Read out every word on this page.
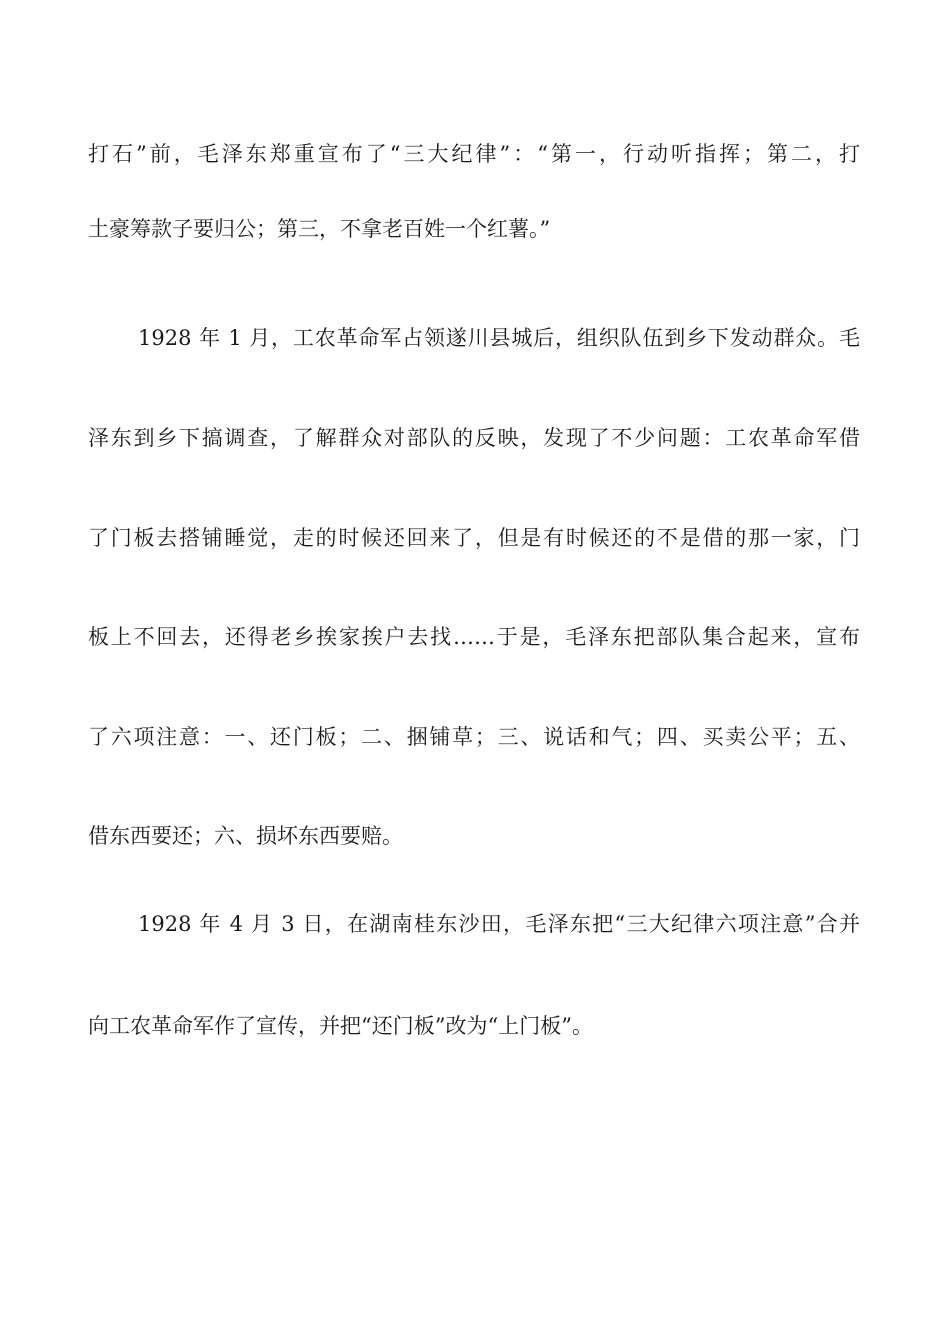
打石”前，毛泽东郑重宣布了“三大纪律”：“第一，行动听指挥；第二，打
土豪筹款子要归公；第三，不拿老百姓一个红薯。”
1928 年 1 月，工农革命军占领遂川县城后，组织队伍到乡下发动群众。毛
泽东到乡下搞调查，了解群众对部队的反映，发现了不少问题：工农革命军借
了门板去搭铺睡觉，走的时候还回来了，但是有时候还的不是借的那一家，门
板上不回去，还得老乡挨家挨户去找……于是，毛泽东把部队集合起来，宣布
了六项注意：一、还门板；二、捆铺草；三、说话和气；四、买卖公平；五、
借东西要还；六、损坏东西要赔。
1928 年 4 月 3 日，在湖南桂东沙田，毛泽东把“三大纪律六项注意”合并
向工农革命军作了宣传，并把“还门板”改为“上门板”。
